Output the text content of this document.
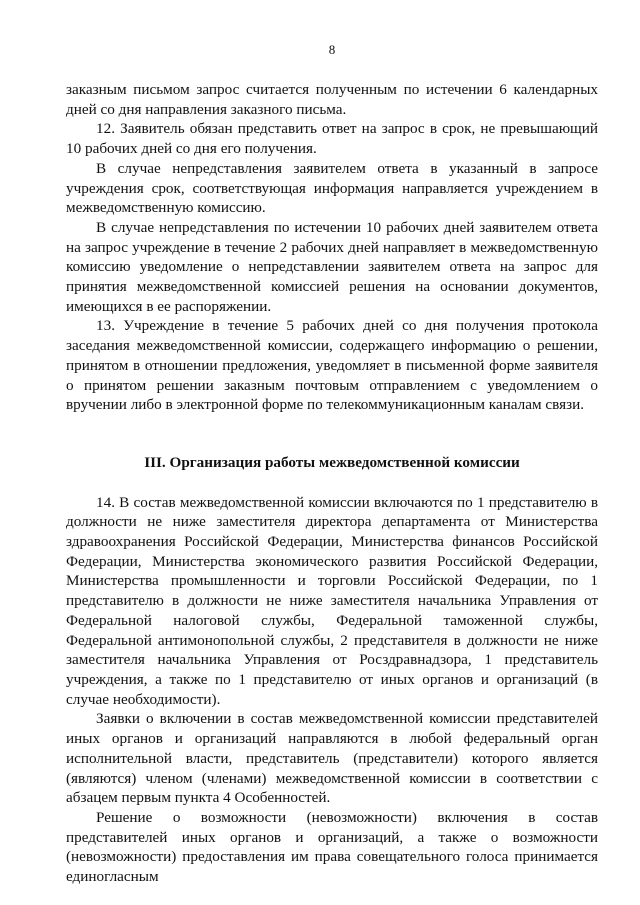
8

заказным письмом запрос считается полученным по истечении 6 календарных дней со дня направления заказного письма.

12. Заявитель обязан представить ответ на запрос в срок, не превышающий 10 рабочих дней со дня его получения.

В случае непредставления заявителем ответа в указанный в запросе учреждения срок, соответствующая информация направляется учреждением в межведомственную комиссию.

В случае непредставления по истечении 10 рабочих дней заявителем ответа на запрос учреждение в течение 2 рабочих дней направляет в межведомственную комиссию уведомление о непредставлении заявителем ответа на запрос для принятия межведомственной комиссией решения на основании документов, имеющихся в ее распоряжении.

13. Учреждение в течение 5 рабочих дней со дня получения протокола заседания межведомственной комиссии, содержащего информацию о решении, принятом в отношении предложения, уведомляет в письменной форме заявителя о принятом решении заказным почтовым отправлением с уведомлением о вручении либо в электронной форме по телекоммуникационным каналам связи.

III. Организация работы межведомственной комиссии

14. В состав межведомственной комиссии включаются по 1 представителю в должности не ниже заместителя директора департамента от Министерства здравоохранения Российской Федерации, Министерства финансов Российской Федерации, Министерства экономического развития Российской Федерации, Министерства промышленности и торговли Российской Федерации, по 1 представителю в должности не ниже заместителя начальника Управления от Федеральной налоговой службы, Федеральной таможенной службы, Федеральной антимонопольной службы, 2 представителя в должности не ниже заместителя начальника Управления от Росздравнадзора, 1 представитель учреждения, а также по 1 представителю от иных органов и организаций (в случае необходимости).

Заявки о включении в состав межведомственной комиссии представителей иных органов и организаций направляются в любой федеральный орган исполнительной власти, представитель (представители) которого является (являются) членом (членами) межведомственной комиссии в соответствии с абзацем первым пункта 4 Особенностей.

Решение о возможности (невозможности) включения в состав представителей иных органов и организаций, а также о возможности (невозможности) предоставления им права совещательного голоса принимается единогласным
